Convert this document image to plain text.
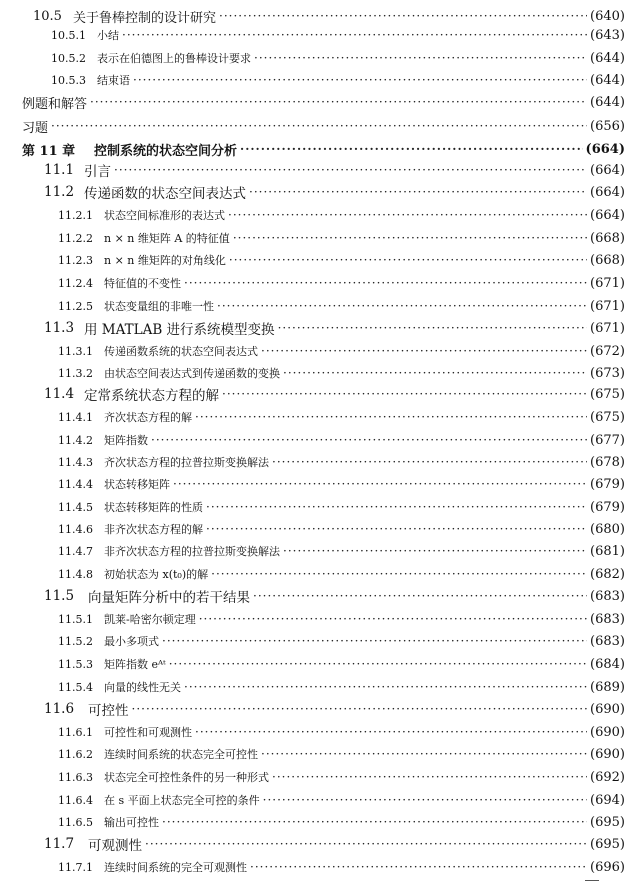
10.5 关于鲁棒控制的设计研究 ·····	(640)
10.5.1	小结 ·····	(643)
10.5.2	表示在伯德图上的鲁棒设计要求 ·····	(644)
10.5.3	结束语 ·····	(644)
例题和解答 ·····	(644)
习题 ·····	(656)
第 11 章	控制系统的状态空间分析 ·····	(664)
11.1 引言 ·····	(664)
11.2 传递函数的状态空间表达式 ·····	(664)
11.2.1	状态空间标准形的表达式 ·····	(664)
11.2.2	n × n 维矩阵 A 的特征值 ·····	(668)
11.2.3	n × n 维矩阵的对角线化 ·····	(668)
11.2.4	特征值的不变性 ·····	(671)
11.2.5	状态变量组的非唯一性 ·····	(671)
11.3 用 MATLAB 进行系统模型变换 ·····	(671)
11.3.1	传递函数系统的状态空间表达式 ·····	(672)
11.3.2	由状态空间表达式到传递函数的变换 ·····	(673)
11.4 定常系统状态方程的解 ·····	(675)
11.4.1	齐次状态方程的解 ·····	(675)
11.4.2	矩阵指数 ·····	(677)
11.4.3	齐次状态方程的拉普拉斯变换解法 ·····	(678)
11.4.4	状态转移矩阵 ·····	(679)
11.4.5	状态转移矩阵的性质 ·····	(679)
11.4.6	非齐次状态方程的解 ·····	(680)
11.4.7	非齐次状态方程的拉普拉斯变换解法 ·····	(681)
11.4.8	初始状态为 x(t₀)的解 ·····	(682)
11.5	向量矩阵分析中的若干结果 ·····	(683)
11.5.1	凯莱-哈密尔顿定理 ·····	(683)
11.5.2	最小多项式 ·····	(683)
11.5.3	矩阵指数 eᴬᵗ ·····	(684)
11.5.4	向量的线性无关 ·····	(689)
11.6	可控性 ·····	(690)
11.6.1	可控性和可观测性 ·····	(690)
11.6.2	连续时间系统的状态完全可控性 ·····	(690)
11.6.3	状态完全可控性条件的另一种形式 ·····	(692)
11.6.4	在 s 平面上状态完全可控的条件 ·····	(694)
11.6.5	输出可控性 ·····	(695)
11.7	可观测性 ·····	(695)
11.7.1	连续时间系统的完全可观测性 ·····	(696)
